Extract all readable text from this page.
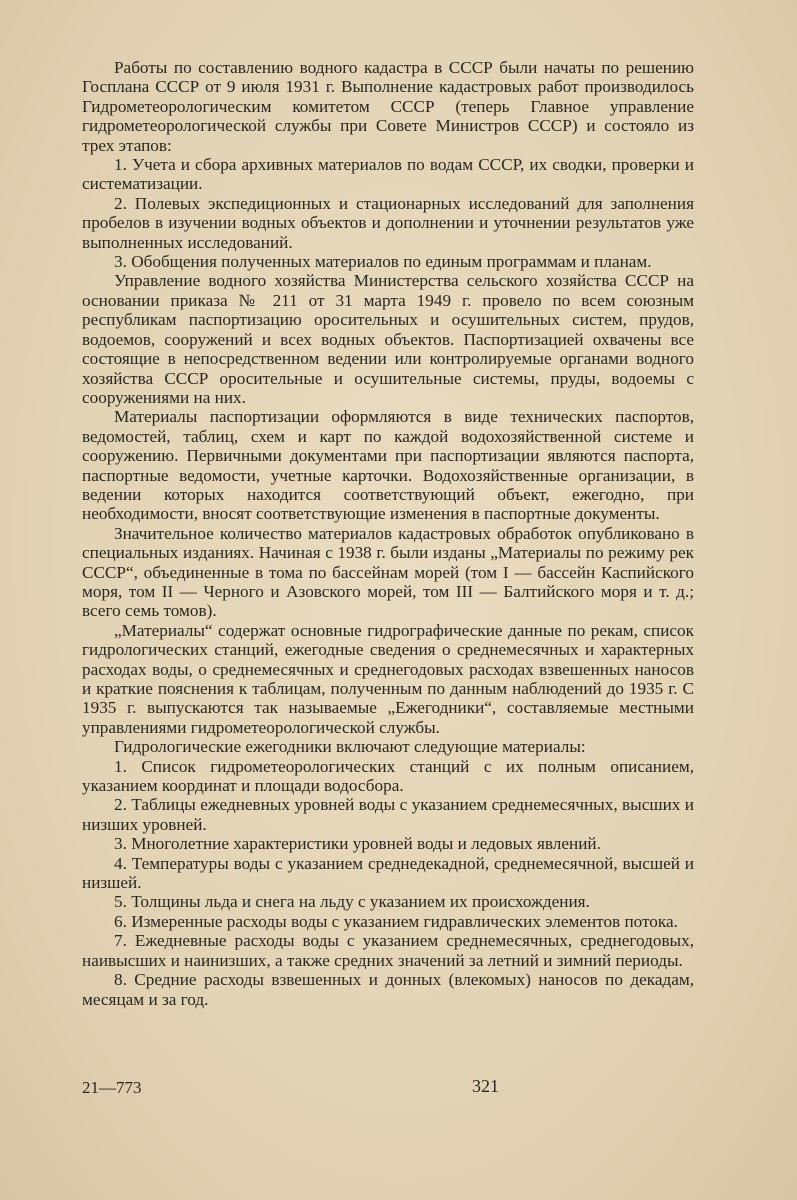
Работы по составлению водного кадастра в СССР были начаты по решению Госплана СССР от 9 июля 1931 г. Выполнение кадастровых работ производилось Гидрометеорологическим комитетом СССР (теперь Главное управление гидрометеорологической службы при Совете Министров СССР) и состояло из трех этапов:

1. Учета и сбора архивных материалов по водам СССР, их сводки, проверки и систематизации.

2. Полевых экспедиционных и стационарных исследований для заполнения пробелов в изучении водных объектов и дополнении и уточнении результатов уже выполненных исследований.

3. Обобщения полученных материалов по единым программам и планам.

Управление водного хозяйства Министерства сельского хозяйства СССР на основании приказа № 211 от 31 марта 1949 г. провело по всем союзным республикам паспортизацию оросительных и осушительных систем, прудов, водоемов, сооружений и всех водных объектов. Паспортизацией охвачены все состоящие в непосредственном ведении или контролируемые органами водного хозяйства СССР оросительные и осушительные системы, пруды, водоемы с сооружениями на них.

Материалы паспортизации оформляются в виде технических паспортов, ведомостей, таблиц, схем и карт по каждой водохозяйственной системе и сооружению. Первичными документами при паспортизации являются паспорта, паспортные ведомости, учетные карточки. Водохозяйственные организации, в ведении которых находится соответствующий объект, ежегодно, при необходимости, вносят соответствующие изменения в паспортные документы.

Значительное количество материалов кадастровых обработок опубликовано в специальных изданиях. Начиная с 1938 г. были изданы „Материалы по режиму рек СССР“, объединенные в тома по бассейнам морей (том I — бассейн Каспийского моря, том II — Черного и Азовского морей, том III — Балтийского моря и т. д.; всего семь томов).

„Материалы“ содержат основные гидрографические данные по рекам, список гидрологических станций, ежегодные сведения о среднемесячных и характерных расходах воды, о среднемесячных и среднегодовых расходах взвешенных наносов и краткие пояснения к таблицам, полученным по данным наблюдений до 1935 г. С 1935 г. выпускаются так называемые „Ежегодники“, составляемые местными управлениями гидрометеорологической службы.

Гидрологические ежегодники включают следующие материалы:

1. Список гидрометеорологических станций с их полным описанием, указанием координат и площади водосбора.

2. Таблицы ежедневных уровней воды с указанием среднемесячных, высших и низших уровней.

3. Многолетние характеристики уровней воды и ледовых явлений.

4. Температуры воды с указанием среднедекадной, среднемесячной, высшей и низшей.

5. Толщины льда и снега на льду с указанием их происхождения.

6. Измеренные расходы воды с указанием гидравлических элементов потока.

7. Ежедневные расходы воды с указанием среднемесячных, среднегодовых, наивысших и наинизших, а также средних значений за летний и зимний периоды.

8. Средние расходы взвешенных и донных (влекомых) наносов по декадам, месяцам и за год.

21—773	321
